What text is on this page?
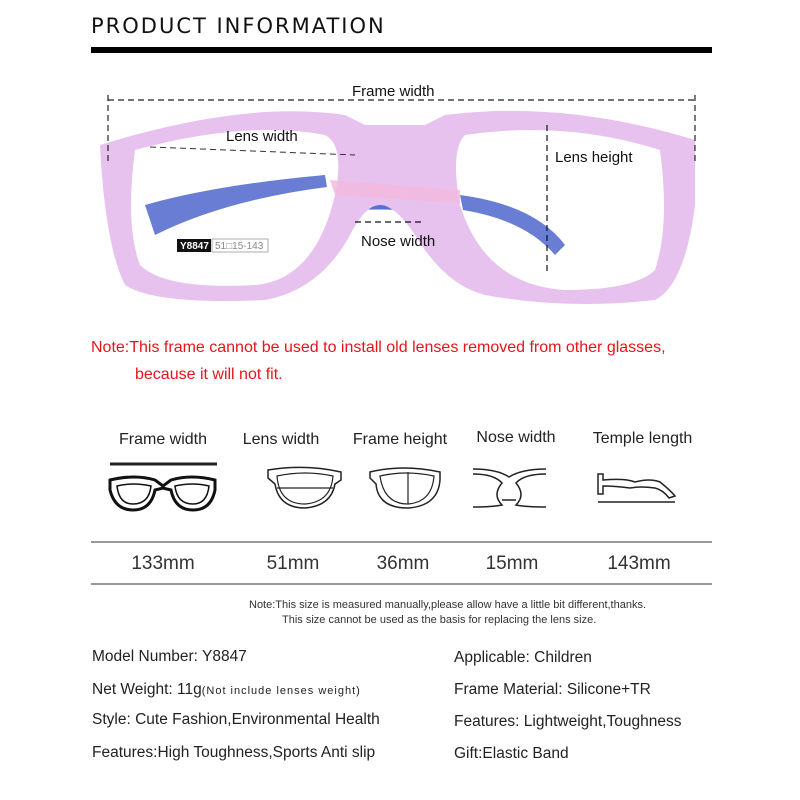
PRODUCT INFORMATION
Y8847 51□15-143
Frame width
Lens width
Lens height
Nose width
Note:This frame cannot be used to install old lenses removed from other glasses,
because it will not fit.
Frame width	Lens width	Frame height	Nose width	Temple length
133mm	51mm	36mm	15mm	143mm
Note:This size is measured manually,please allow have a little bit different,thanks.
This size cannot be used as the basis for replacing the lens size.
Model Number: Y8847
Net Weight: 11g(Not include lenses weight)
Style: Cute Fashion,Environmental Health
Features:High Toughness,Sports Anti slip
Applicable: Children
Frame Material: Silicone+TR
Features: Lightweight,Toughness
Gift:Elastic Band
